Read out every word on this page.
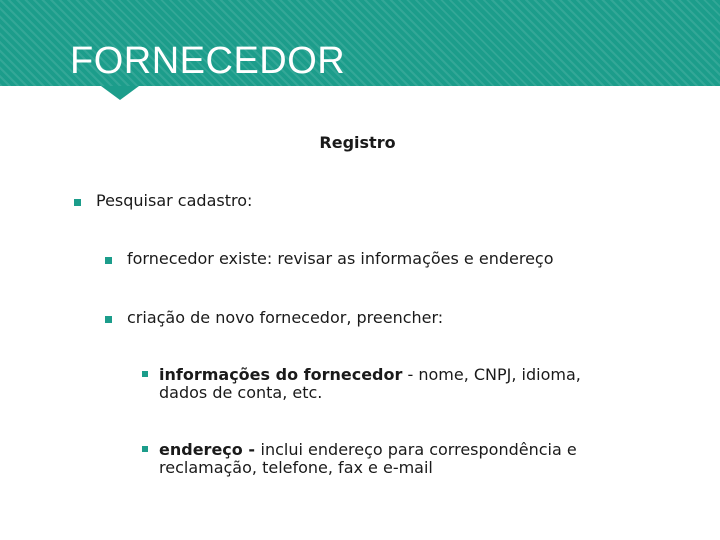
FORNECEDOR
Registro
Pesquisar cadastro:
fornecedor existe: revisar as informações e endereço
criação de novo fornecedor, preencher:
informações do fornecedor - nome, CNPJ, idioma,
dados de conta, etc.
endereço - inclui endereço para correspondência e
reclamação, telefone, fax e e-mail
